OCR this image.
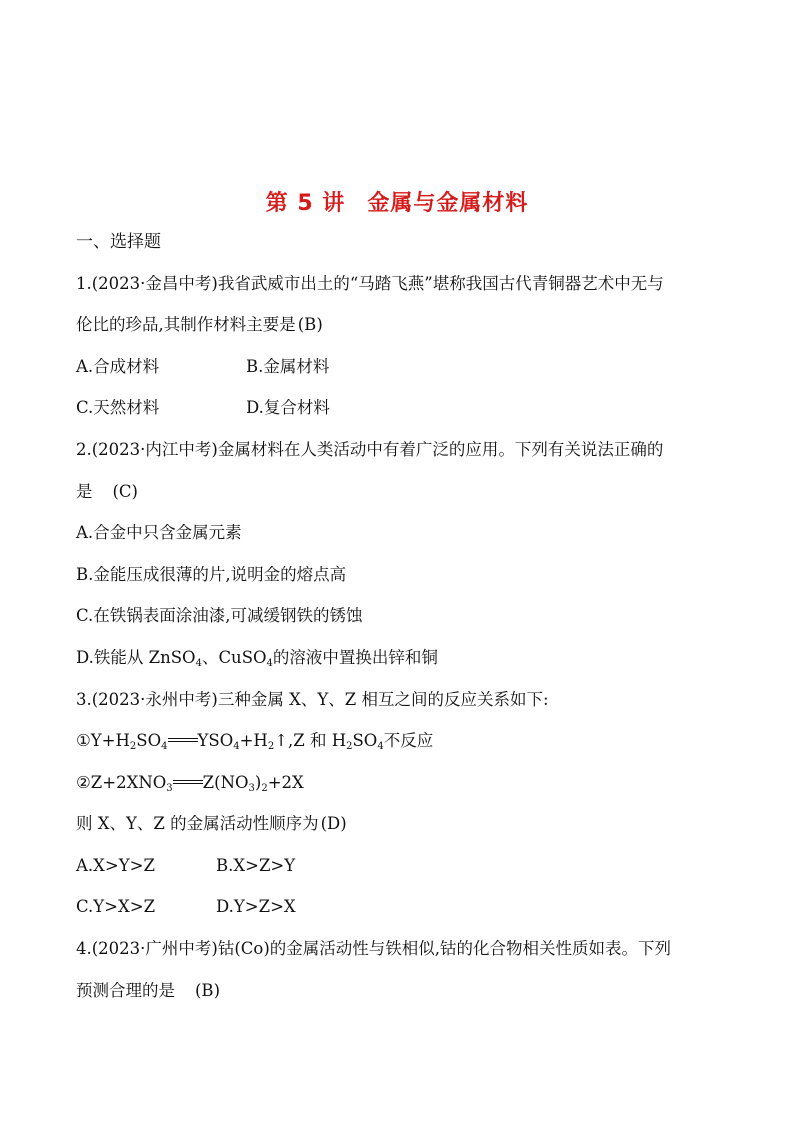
第 5 讲 金属与金属材料
一、选择题
1.(2023·金昌中考)我省武威市出土的“马踏飞燕”堪称我国古代青铜器艺术中无与
伦比的珍品,其制作材料主要是 (B)
A.合成材料	B.金属材料
C.天然材料	D.复合材料
2.(2023·内江中考)金属材料在人类活动中有着广泛的应用。下列有关说法正确的
是 (C)
A.合金中只含金属元素
B.金能压成很薄的片,说明金的熔点高
C.在铁锅表面涂油漆,可减缓钢铁的锈蚀
D.铁能从 ZnSO$_4$、CuSO$_4$的溶液中置换出锌和铜
3.(2023·永州中考)三种金属 X、Y、Z 相互之间的反应关系如下:
$①Y+H_2SO_4$ $YSO_4+H_2↑,Z$ 和 $H_2SO_4$不反应
$②Z+2XNO_3$ $Z(NO_3)_2+2X$
则 X、Y、Z 的金属活动性顺序为 (D)
A.X>Y>Z	B.X>Z>Y
C.Y>X>Z	D.Y>Z>X
4.(2023·广州中考)钴(Co)的金属活动性与铁相似,钴的化合物相关性质如表。下列
预测合理的是 (B)
